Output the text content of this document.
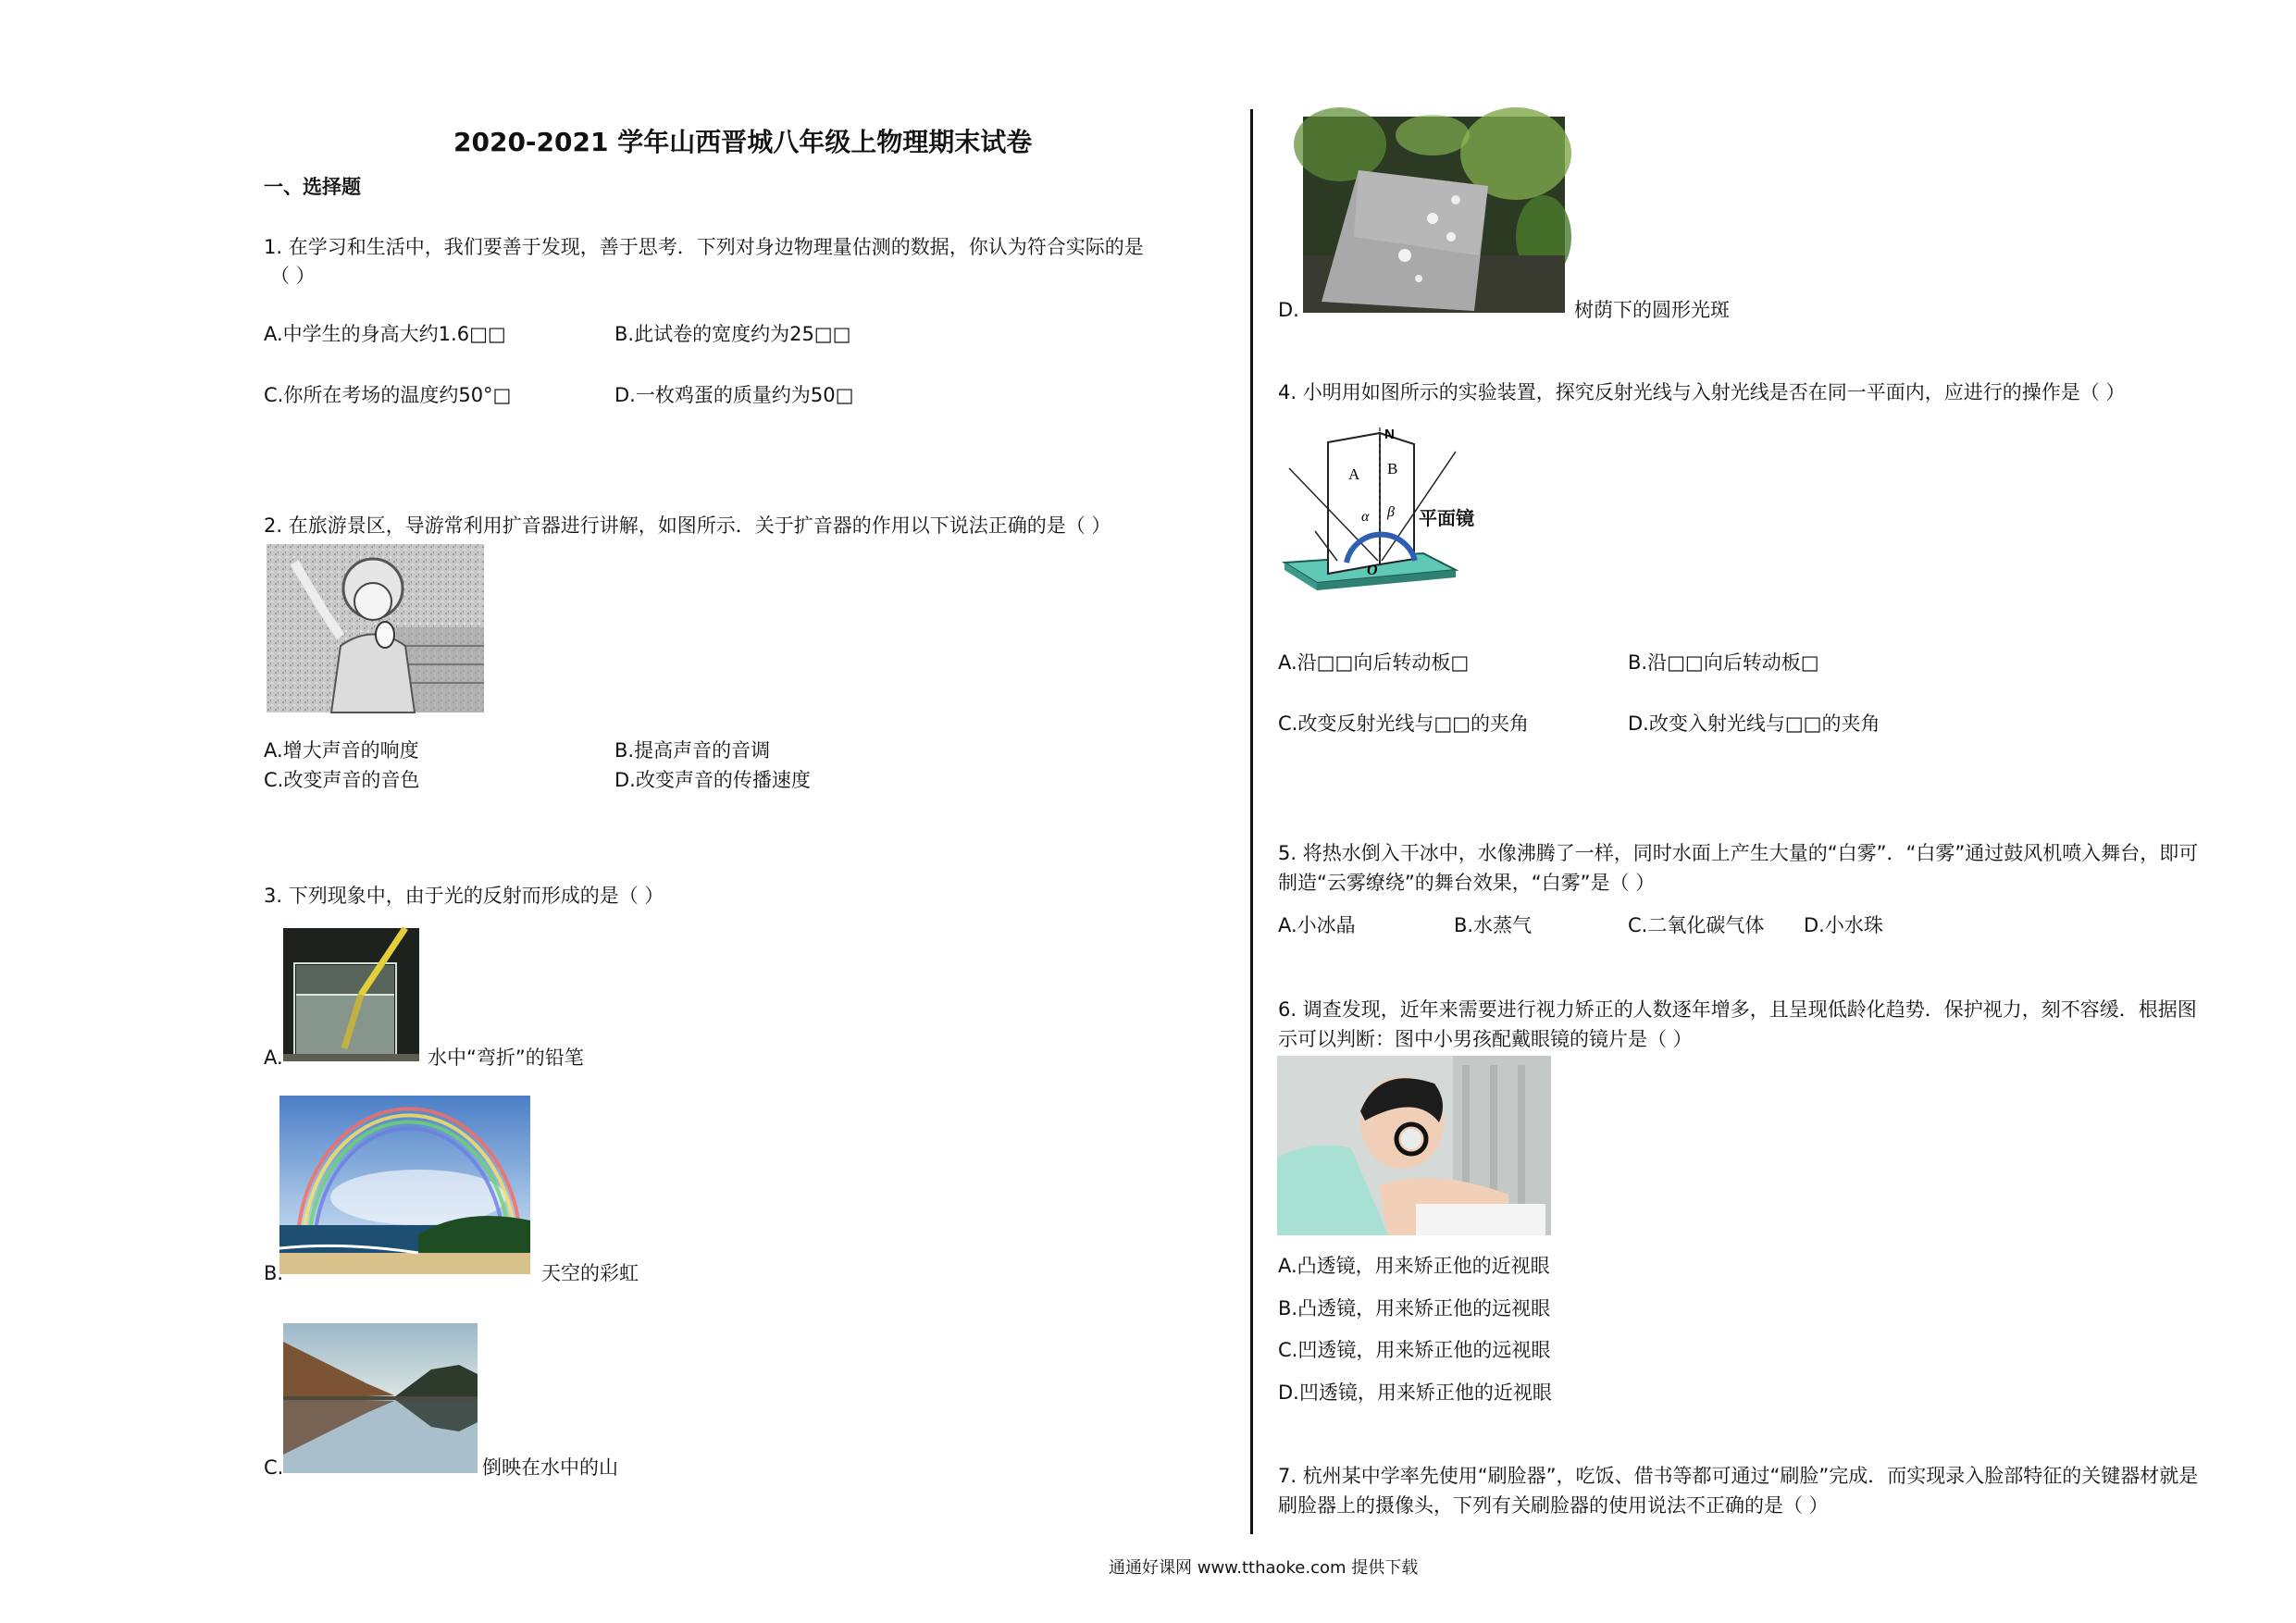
2020-2021 学年山西晋城八年级上物理期末试卷
一、选择题
1. 在学习和生活中，我们要善于发现，善于思考．下列对身边物理量估测的数据，你认为符合实际的是
（ ）
A.中学生的身高大约1.6□□	B.此试卷的宽度约为25□□
C.你所在考场的温度约50°□	D.一枚鸡蛋的质量约为50□
2. 在旅游景区，导游常利用扩音器进行讲解，如图所示．关于扩音器的作用以下说法正确的是（ ）
A.增大声音的响度	B.提高声音的音调
C.改变声音的音色	D.改变声音的传播速度
3. 下列现象中，由于光的反射而形成的是（ ）
A.	水中“弯折”的铅笔
B.	天空的彩虹
C.	倒映在水中的山
D.	树荫下的圆形光斑
4. 小明用如图所示的实验装置，探究反射光线与入射光线是否在同一平面内，应进行的操作是（ ）
N
A B
α β
O
平面镜
A.沿□□向后转动板□	B.沿□□向后转动板□
C.改变反射光线与□□的夹角	D.改变入射光线与□□的夹角
5. 将热水倒入干冰中，水像沸腾了一样，同时水面上产生大量的“白雾”．“白雾”通过鼓风机喷入舞台，即可
制造“云雾缭绕”的舞台效果，“白雾”是（ ）
A.小冰晶	B.水蒸气	C.二氧化碳气体 D.小水珠
6. 调查发现，近年来需要进行视力矫正的人数逐年增多，且呈现低龄化趋势．保护视力，刻不容缓．根据图
示可以判断：图中小男孩配戴眼镜的镜片是（ ）
A.凸透镜，用来矫正他的近视眼
B.凸透镜，用来矫正他的远视眼
C.凹透镜，用来矫正他的远视眼
D.凹透镜，用来矫正他的近视眼
7. 杭州某中学率先使用“刷脸器”，吃饭、借书等都可通过“刷脸”完成．而实现录入脸部特征的关键器材就是
刷脸器上的摄像头，下列有关刷脸器的使用说法不正确的是（ ）
通通好课网 www.tthaoke.com 提供下载
